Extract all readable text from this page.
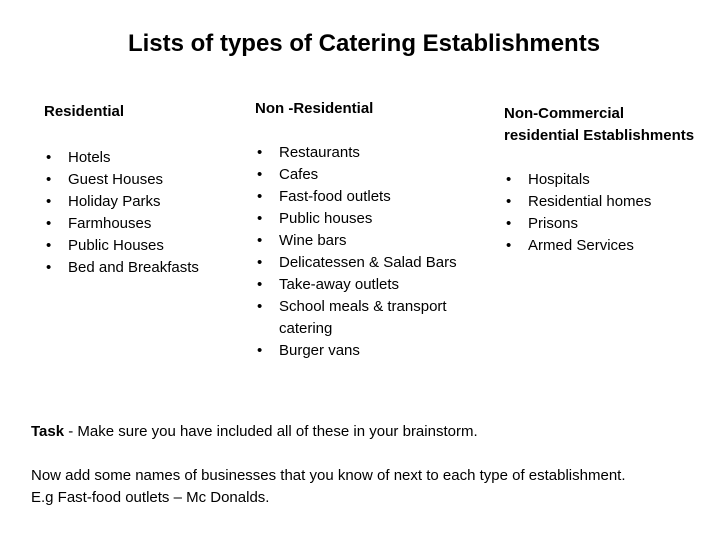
Lists of types of Catering Establishments
Residential
• Hotels
• Guest Houses
• Holiday Parks
• Farmhouses
• Public Houses
• Bed and Breakfasts
Non -Residential
• Restaurants
• Cafes
• Fast-food outlets
• Public houses
• Wine bars
• Delicatessen & Salad Bars
• Take-away outlets
• School meals & transport catering
• Burger vans
Non-Commercial
residential Establishments
• Hospitals
• Residential homes
• Prisons
• Armed Services

Task - Make sure you have included all of these in your brainstorm.

Now add some names of businesses that you know of next to each type of establishment.

E.g Fast-food outlets – Mc Donalds.
